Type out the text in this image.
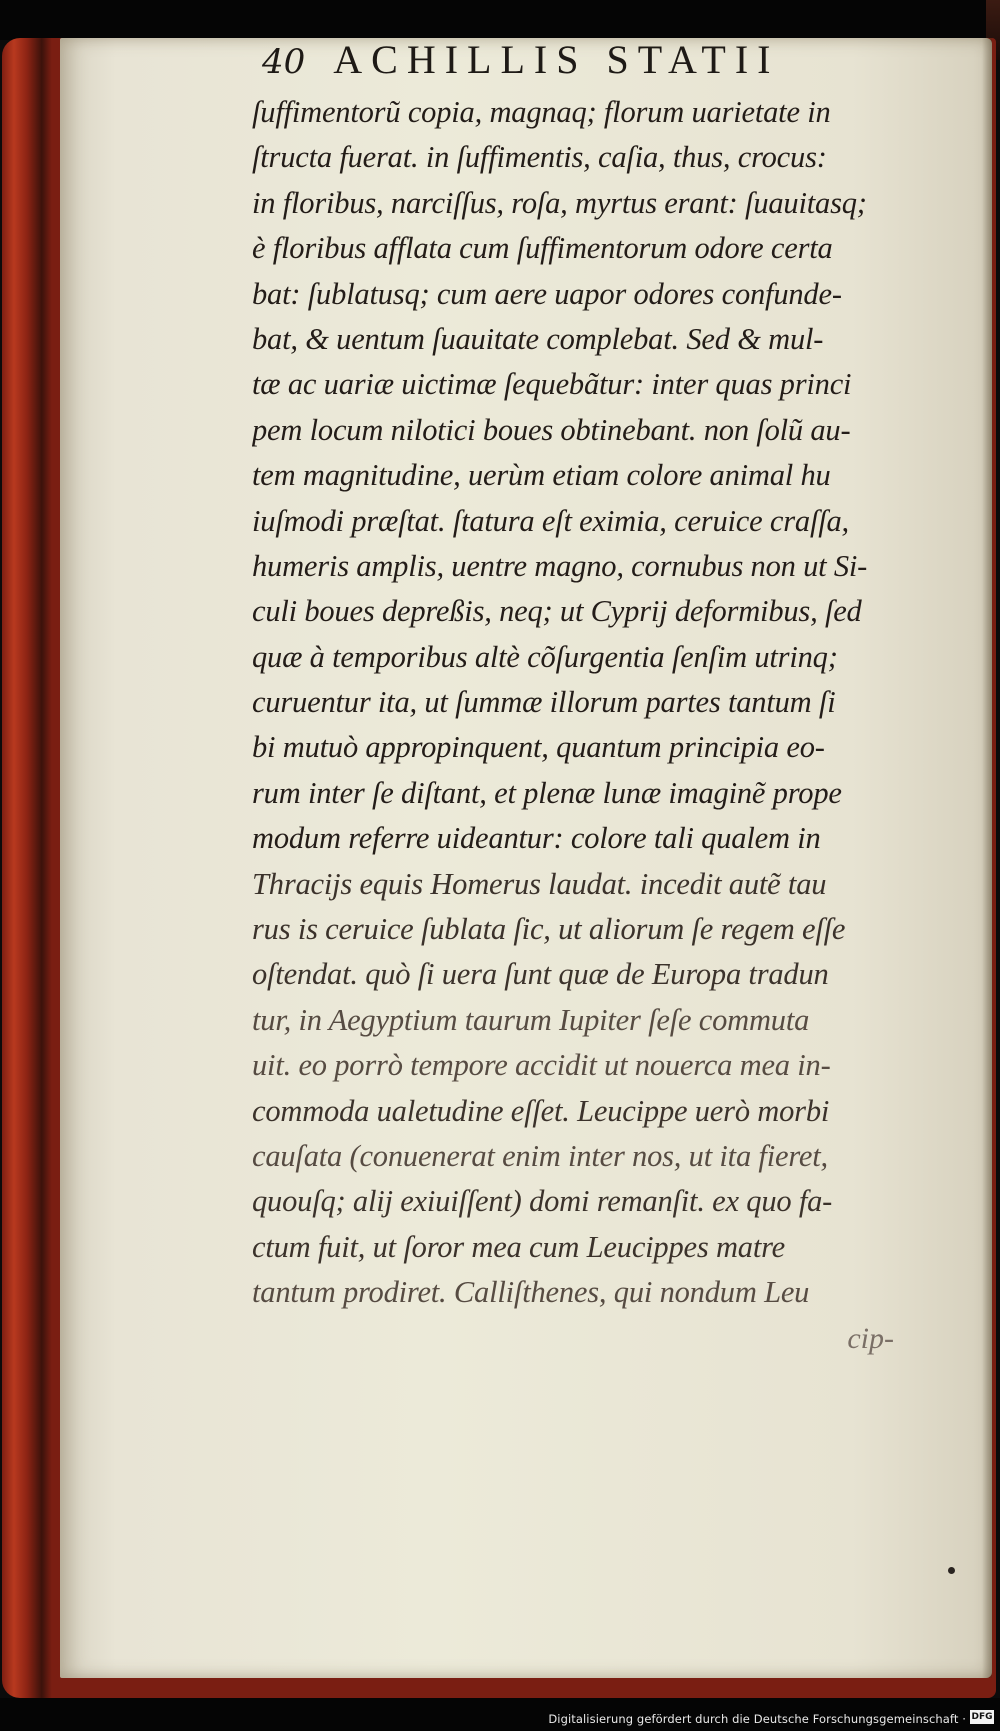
40 ACHILLIS STATII
ſuffimentorũ copia, magnaq; florum uarietate in
ſtructa fuerat. in ſuffimentis, caſia, thus, crocus:
in floribus, narciſſus, roſa, myrtus erant: ſuauitasq;
è floribus afflata cum ſuffimentorum odore certa
bat: ſublatusq; cum aere uapor odores confunde-
bat, & uentum ſuauitate complebat. Sed & mul-
tæ ac uariæ uictimæ ſequebãtur: inter quas princi
pem locum nilotici boues obtinebant. non ſolũ au-
tem magnitudine, uerùm etiam colore animal hu
iuſmodi præſtat. ſtatura eſt eximia, ceruice craſſa,
humeris amplis, uentre magno, cornubus non ut Si-
culi boues depreßis, neq; ut Cyprij deformibus, ſed
quæ à temporibus altè cõſurgentia ſenſim utrinq;
curuentur ita, ut ſummæ illorum partes tantum ſi
bi mutuò appropinquent, quantum principia eo-
rum inter ſe diſtant, et plenæ lunæ imaginẽ prope
modum referre uideantur: colore tali qualem in
Thracijs equis Homerus laudat. incedit autẽ tau
rus is ceruice ſublata ſic, ut aliorum ſe regem eſſe
oſtendat. quò ſi uera ſunt quæ de Europa tradun
tur, in Aegyptium taurum Iupiter ſeſe commuta
uit. eo porrò tempore accidit ut nouerca mea in-
commoda ualetudine eſſet. Leucippe uerò morbi
cauſata (conuenerat enim inter nos, ut ita fieret,
quouſq; alij exiuiſſent) domi remanſit. ex quo fa-
ctum fuit, ut ſoror mea cum Leucippes matre
tantum prodiret. Calliſthenes, qui nondum Leu
cip-
Digitalisierung gefördert durch die Deutsche Forschungsgemeinschaft · DFG
